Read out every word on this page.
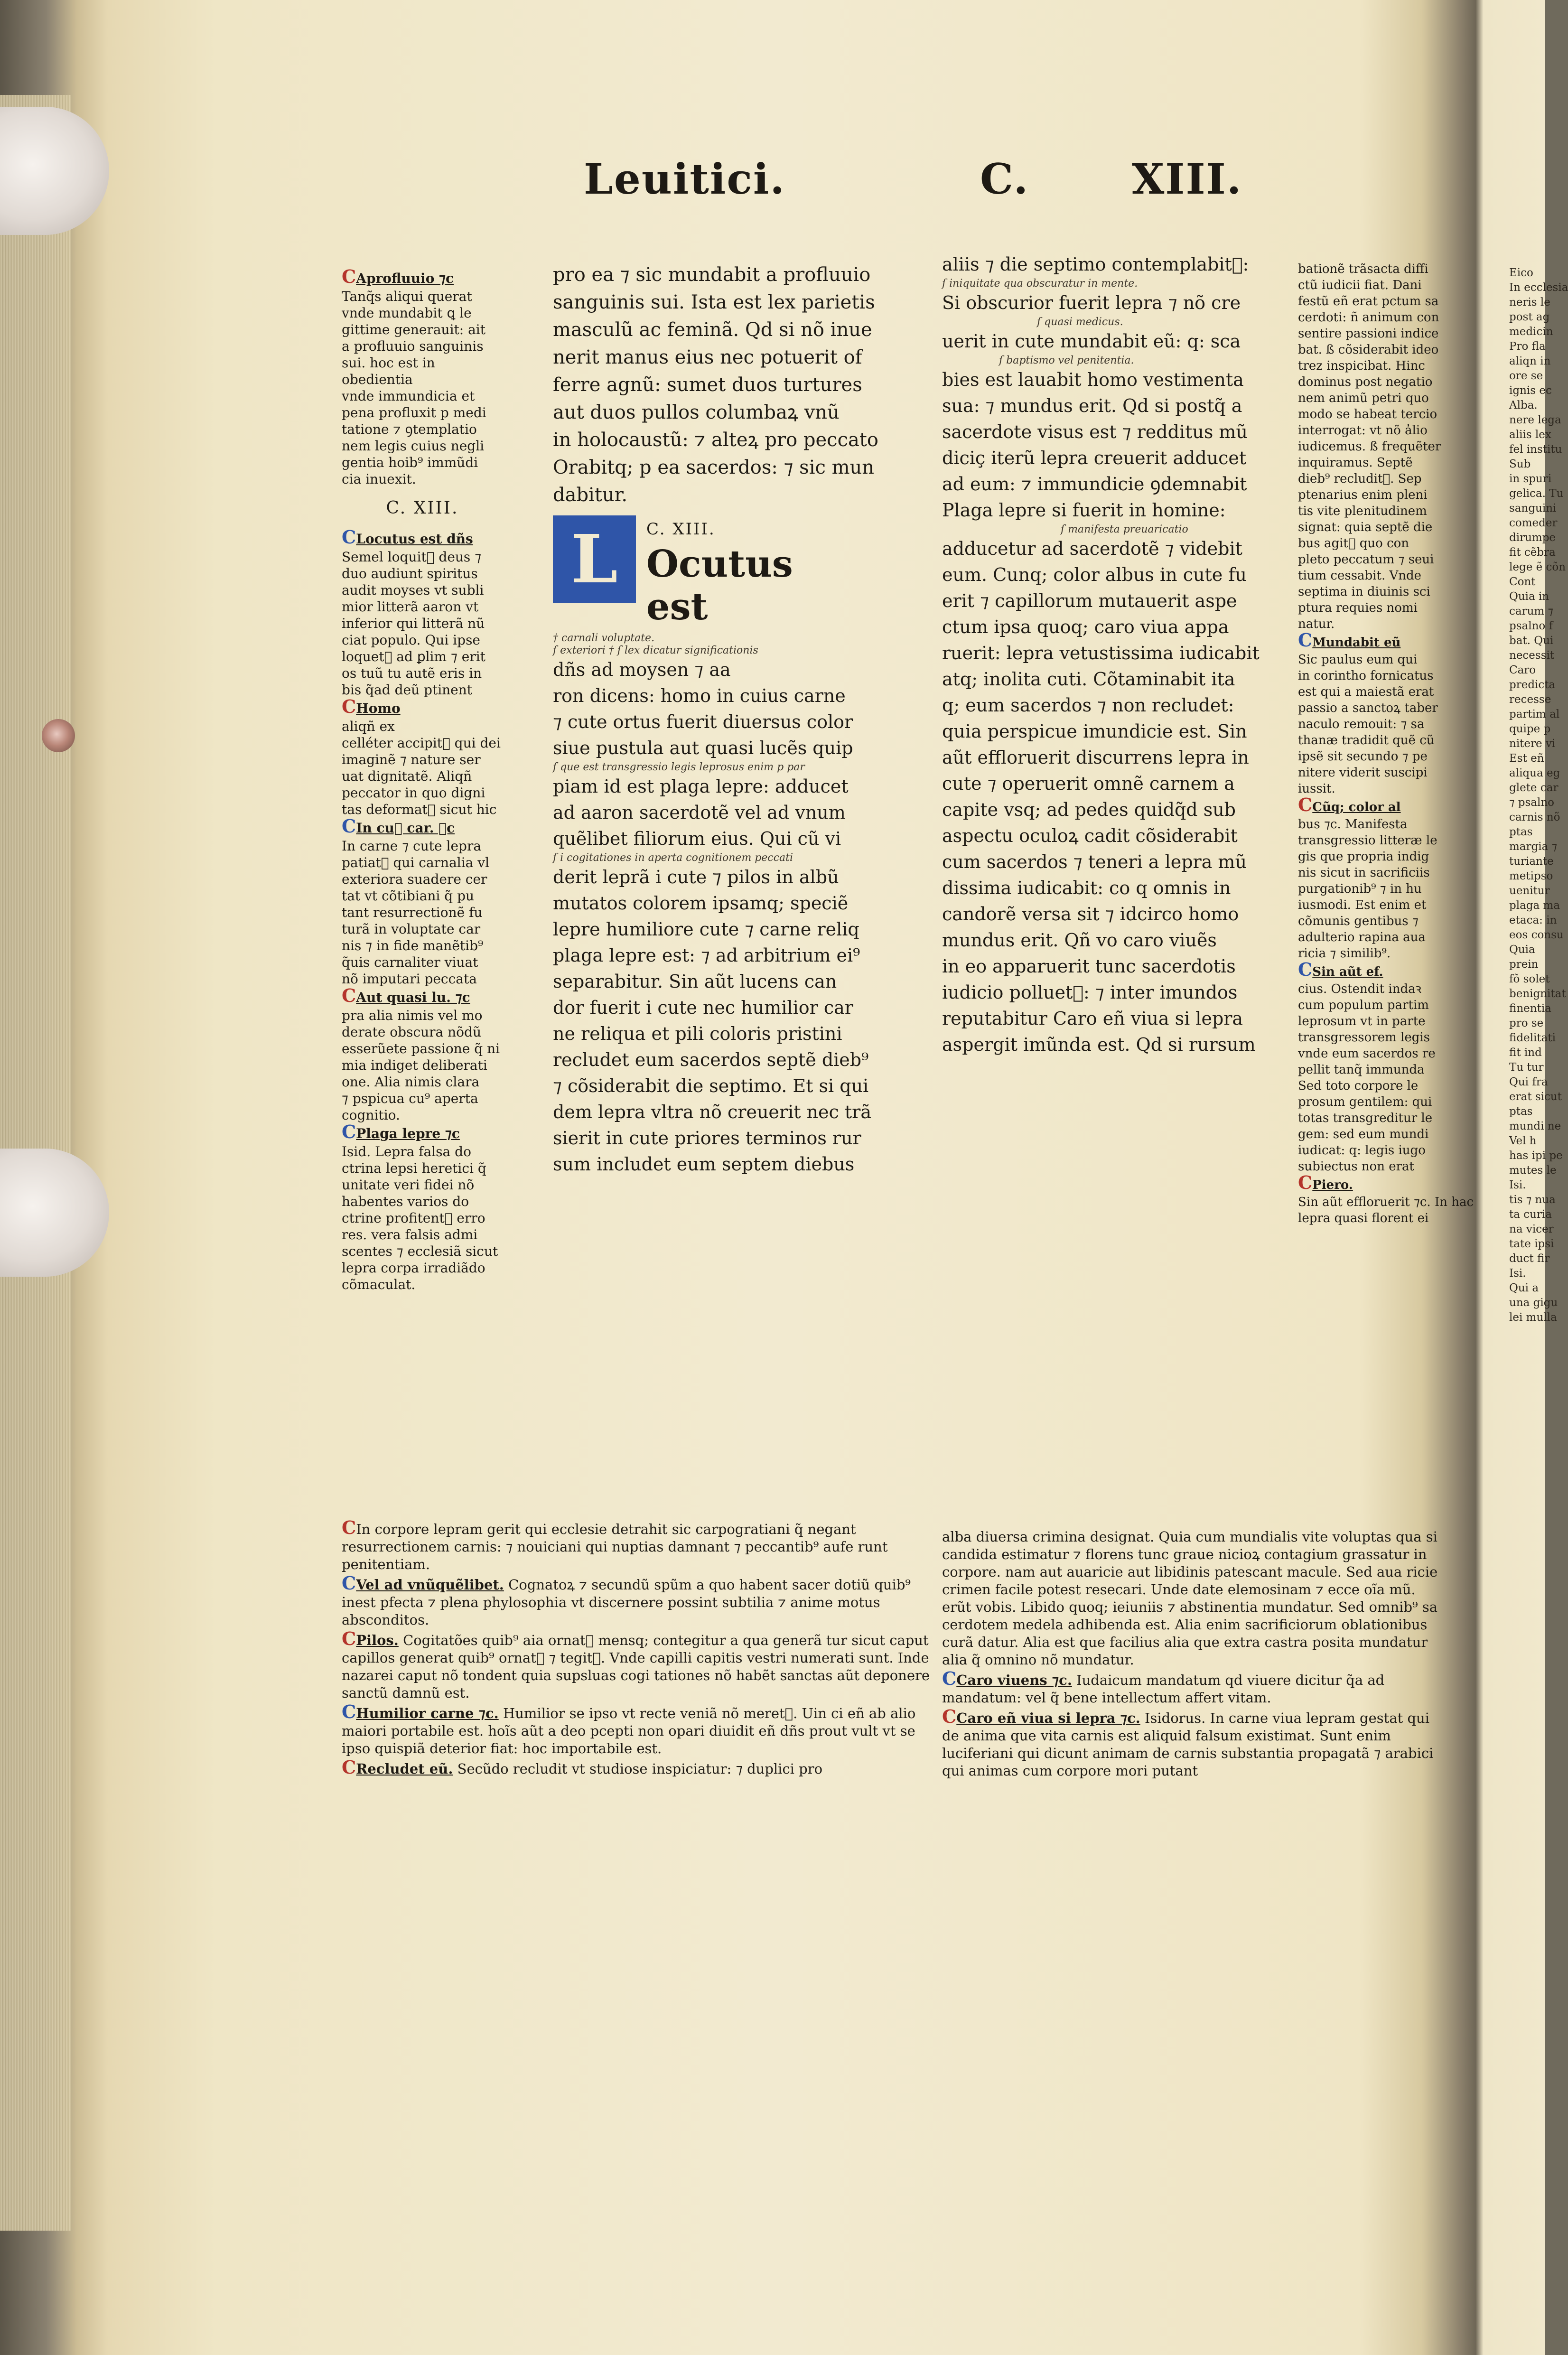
Leuitici.	C. XIII.

CAprofluuio ⁊c

Tanq̃s aliqui querat
vnde mundabit ꝗ le
gittime generauit: ait
a profluuio sanguinis
sui. hoc est in obedientia
vnde immundicia et
pena profluxit p medi
tatione ⁊ ꝯtemplatio
nem legis cuius negli
gentia hoib⁹ immũdi
cia inuexit.
C. XIII.

CLocutus est dñs

Semel loquit᷑ deus ⁊
duo audiunt spiritus
audit moyses vt subli
mior litterã aaron vt
inferior qui litterã nũ
ciat populo. Qui ipse
loquet᷑ ad ꝑlim ⁊ erit
os tuũ tu autẽ eris in
bis q̃ad deũ ptinent

CHomo

aliqñ ex
celléter accipit᷑ qui dei
imaginẽ ⁊ nature ser
uat dignitatẽ. Aliqñ
peccator in quo digni
tas deformat᷑ sicut hic

CIn cu᷒ car. ⁊c

In carne ⁊ cute lepra
patiat᷑ qui carnalia vl
exteriora suadere cer
tat vt cõtibiani q̃ pu
tant resurrectionẽ fu
turã in voluptate car
nis ⁊ in fide manẽtib⁹
q̃uis carnaliter viuat
nõ imputari peccata

CAut quasi lu. ⁊c

pra alia nimis vel mo
derate obscura nõdũ
esserũete passione q̃ ni
mia indiget deliberati
one. Alia nimis clara
⁊ pspicua cu⁹ aperta
cognitio.

CPlaga lepre ⁊c

Isid. Lepra falsa do
ctrina lepsi heretici q̃
unitate veri fidei nõ
habentes varios do
ctrine profitent᷑ erro
res. vera falsis admi
scentes ⁊ ecclesiã sicut
lepra corpa irradiãdo
cõmaculat.
pro ea ⁊ sic mundabit a profluuio
sanguinis sui. Ista est lex parietis
masculũ ac feminã. Qd si nõ inue
nerit manus eius nec potuerit of
ferre agnũ: sumet duos turtures
aut duos pullos columbaꝝ vnũ
in holocaustũ: ⁊ alteꝝ pro peccato
Orabitq; p ea sacerdos: ⁊ sic mun
dabitur.
L	C. XIII.
Ocutus est
† carnali voluptate.
ſ exteriori † ſ lex dicatur significationis
dñs ad moysen ⁊ aa
ron dicens: homo in cuius carne
⁊ cute ortus fuerit diuersus color
siue pustula aut quasi lucẽs quip
ſ que est transgressio legis leprosus enim p par
piam id est plaga lepre: adducet
ad aaron sacerdotẽ vel ad vnum
quẽlibet filiorum eius. Qui cũ vi
ſ i cogitationes in aperta cognitionem peccati
derit leprã i cute ⁊ pilos in albũ
mutatos colorem ipsamq; speciẽ
lepre humiliore cute ⁊ carne reliq
plaga lepre est: ⁊ ad arbitrium ei⁹
separabitur. Sin aũt lucens can
dor fuerit i cute nec humilior car
ne reliqua et pili coloris pristini
recludet eum sacerdos septẽ dieb⁹
⁊ cõsiderabit die septimo. Et si qui
dem lepra vltra nõ creuerit nec trã
sierit in cute priores terminos rur
sum includet eum septem diebus
aliis ⁊ die septimo contemplabit᷑:
ſ iniquitate qua obscuratur in mente.
Si obscurior fuerit lepra ⁊ nõ cre
ſ quasi medicus.
uerit in cute mundabit eũ: q: sca
ſ baptismo vel penitentia.
bies est lauabit homo vestimenta
sua: ⁊ mundus erit. Qd si postq̃ a
sacerdote visus est ⁊ redditus mũ
diciç iterũ lepra creuerit adducet
ad eum: ⁊ immundicie ꝯdemnabit
Plaga lepre si fuerit in homine:
ſ manifesta preuaricatio
adducetur ad sacerdotẽ ⁊ videbit
eum. Cunq; color albus in cute fu
erit ⁊ capillorum mutauerit aspe
ctum ipsa quoq; caro viua appa
ruerit: lepra vetustissima iudicabit
atq; inolita cuti. Cõtaminabit ita
q; eum sacerdos ⁊ non recludet:
quia perspicue imundicie est. Sin
aũt effloruerit discurrens lepra in
cute ⁊ operuerit omnẽ carnem a
capite vsq; ad pedes quidq̃d sub
aspectu oculoꝝ cadit cõsiderabit
cum sacerdos ⁊ teneri a lepra mũ
dissima iudicabit: co q omnis in
candorẽ versa sit ⁊ idcirco homo
mundus erit. Qñ vo caro viuẽs
in eo apparuerit tunc sacerdotis
iudicio polluet᷑: ⁊ inter imundos
reputabitur Caro eñ viua si lepra
aspergit imũnda est. Qd si rursum
bationẽ trãsacta diffi
ctũ iudicii fiat. Dani
festũ eñ erat pctum sa
cerdoti: ñ animum con
sentire passioni indice
bat. ß cõsiderabit ideo
trez inspicibat. Hinc
dominus post negatio
nem animũ petri quo
modo se habeat tercio
interrogat: vt nõ a̓lio
iudicemus. ß frequẽter
inquiramus. Septẽ
dieb⁹ recludit᷑. Sep
ptenarius enim pleni
tis vite plenitudinem
signat: quia septẽ die
bus agit᷑ quo con
pleto peccatum ⁊ seui
tium cessabit. Vnde
septima in diuinis sci
ptura requies nomi
natur.

CMundabit eũ

Sic paulus eum qui
in corintho fornicatus
est qui a maiestã erat
passio a sanctoꝝ taber
naculo remouit: ⁊ sa
thanæ tradidit quẽ cũ
ipsẽ sit secundo ⁊ pe
nitere viderit suscipi
iussit.

CCũq; color al

bus ⁊c. Manifesta
transgressio litteræ le
gis que propria indig
nis sicut in sacrificiis
purgationib⁹ ⁊ in hu
iusmodi. Est enim et
cõmunis gentibus ⁊
adulterio rapina aua
ricia ⁊ similib⁹.

CSin aũt ef.

cius. Ostendit indaꝛ
cum populum partim
leprosum vt in parte
transgressorem legis
vnde eum sacerdos re
pellit tanq̃ immunda
Sed toto corpore le
prosum gentilem: qui
totas transgreditur le
gem: sed eum mundi
iudicat: q: legis iugo
subiectus non erat

CPiero.

Sin aũt effloruerit ⁊c. In hac
lepra quasi florent ei

CIn corpore lepram gerit qui ecclesie detrahit sic carpogratiani q̃ negant resurrectionem carnis: ⁊ nouiciani qui nuptias damnant ⁊ peccantib⁹ aufe runt penitentiam.

CVel ad vnũquẽlibet. Cognatoꝝ ⁊ secundũ spũm a quo habent sacer dotiũ quib⁹ inest pfecta ⁊ plena phylosophia vt discernere possint subtilia ⁊ anime motus absconditos.

CPilos. Cogitatões quib⁹ aia ornat᷑ mensq; contegitur a qua generã tur sicut caput capillos generat quib⁹ ornat᷑ ⁊ tegit᷑. Vnde capilli capitis vestri numerati sunt. Inde nazarei caput nõ tondent quia supsluas cogi tationes nõ habẽt sanctas aũt deponere sanctũ damnũ est.

CHumilior carne ⁊c. Humilior se ipso vt recte veniã nõ meret᷑. Uin ci eñ ab alio maiori portabile est. hoĩs aũt a deo pcepti non opari diuidit eñ dñs prout vult vt se ipso quispiã deterior fiat: hoc importabile est.

CRecludet eũ. Secũdo recludit vt studiose inspiciatur: ⁊ duplici pro

alba diuersa crimina designat. Quia cum mundialis vite voluptas qua si candida estimatur ⁊ florens tunc graue nicioꝝ contagium grassatur in corpore. nam aut auaricie aut libidinis patescant macule. Sed aua ricie crimen facile potest resecari. Unde date elemosinam ⁊ ecce oĩa mũ. erũt vobis. Libido quoq; ieiuniis ⁊ abstinentia mundatur. Sed omnib⁹ sa cerdotem medela adhibenda est. Alia enim sacrificiorum oblationibus curã datur. Alia est que facilius alia que extra castra posita mundatur alia q̃ omnino nõ mundatur.

CCaro viuens ⁊c. Iudaicum mandatum qd viuere dicitur q̃a ad mandatum: vel q̃ bene intellectum affert vitam.

CCaro eñ viua si lepra ⁊c. Isidorus. In carne viua lepram gestat qui de anima que vita carnis est aliquid falsum existimat. Sunt enim luciferiani qui dicunt animam de carnis substantia propagatã ⁊ arabici qui animas cum corpore mori putant

Eico
In ecclesia
neris le
post ag
medicin
Pro fla
aliqn in
ore se
ignis ec
Alba.
nere lega
aliis lex
fel institu
Sub
in spuri
gelica. Tu
sanguini
comeder
dirumpe
fit cẽbra
lege ẽ cõn
Cont
Quia in
carum ⁊
psalno f
bat. Qui
necessit
Caro
predicta
recesse
partim al
quipe p
nitere vi
Est eñ
aliqua eg
glete car
⁊ psalno
carnis nõ
ptas
margia ⁊
turiante
metipso
uenitur
plaga ma
etaca: in
eos consu
Quia
prein
fõ solet
benignitat
finentia
pro se
fidelitati
fit ind
Tu tur
Qui fra
erat sicut
ptas
mundi ne
Vel h
has ipi pe
mutes le
Isi.
tis ⁊ nua
ta curia
na vicer
tate ipsi
duct fir
Isi.
Qui a
una gigu
lei mulla
